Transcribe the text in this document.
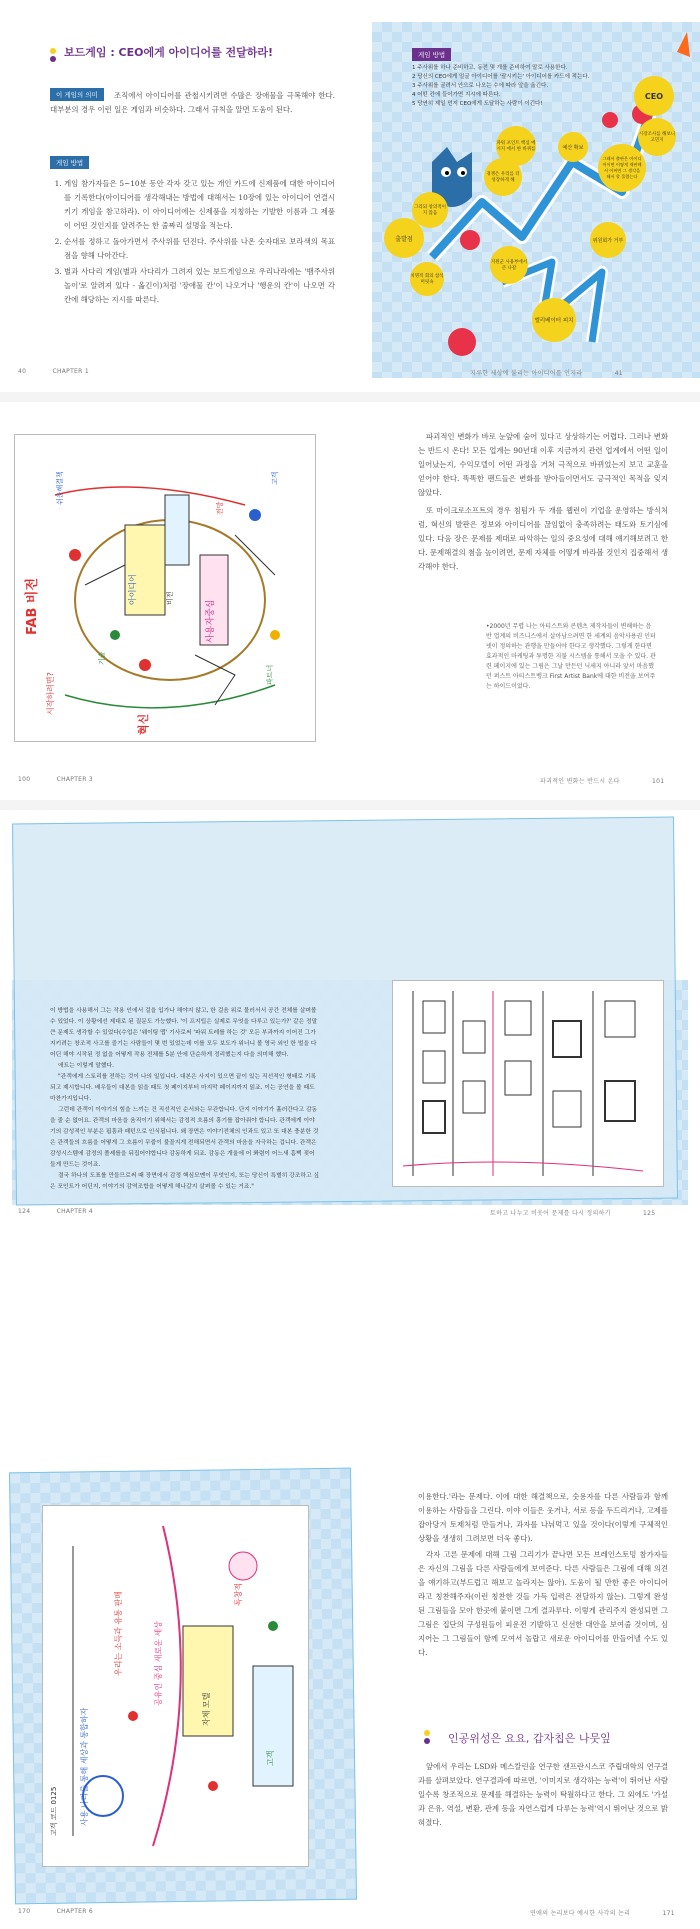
보드게임 : CEO에게 아이디어를 전달하라!
이 게임의 의미	조직에서 아이디어를 관철시키려면 수많은 장애물을 극복해야 한다. 대부분의 경우 이런 일은 게임과 비슷하다. 그래서 규칙을 알면 도움이 된다.
게임 방법
1. 게임 참가자들은 5~10분 동안 각자 갖고 있는 개인 카드에 신제품에 대한 아이디어를 기록한다(아이디어를 생각해내는 방법에 대해서는 10장에 있는 아이디어 연결시키기 게임을 참고하라). 이 아이디어에는 신제품을 지칭하는 기발한 이름과 그 제품이 어떤 것인지를 알려주는 한 줄짜리 설명을 적는다.
2. 순서를 정하고 돌아가면서 주사위를 던진다. 주사위를 나온 숫자대로 보라색의 목표점을 향해 나아간다.
3. 별과 사다리 게임(별과 사다리가 그려져 있는 보드게임으로 우리나라에는 '뱀주사위놀이'로 알려져 있다 - 옮긴이)처럼 '장애물 칸'이 나오거나 '행운의 칸'이 나오면 각 칸에 해당하는 지시를 따른다.
40	CHAPTER 1
게임 방법
1 주사위를 하나 준비하고, 동전 몇 개를 준비하여 말로 사용한다.
2 당신의 CEO에게 얼굴 아이디어를 '괄시키는' 아이디어를 카드에 적는다.
3 주사위를 굴려서 안으로 나오는 수에 따라 앞을 옮긴다.
4 어떤 칸에 들어가면 지시에 따른다.
5 당연히 제일 먼저 CEO에게 도달하는 사람이 이긴다!
출발점
CEO
엘리베이터 피치
위원회가 거부
치명적 회의 참석 머릿속
그래서 출판은 아이디어이면 어떻게 재판해서 어쩌면 그 생각을 해서 할 물렸는다
지원군 사용부에서 큰 나갈
그리되 창의적이지 않음
시장조사를 해보니 고민지
파워 포인트 핵심 메시지 에서 한 바퀴를
경쟁은 우리를 더 성장하게 해
예산 확보
지루한 세상에 불리는 아이디어를 인지라	41
FAB 비전
시작하려면?
쉬운해결책
파트너
전망
고객
사용자중심
혁신
비전
아이디어
기술

파괴적인 변화가 바로 눈앞에 숨어 있다고 상상하기는 어렵다. 그러나 변화는 반드시 온다! 모든 업계는 90년대 이후 지금까지 관련 업계에서 어떤 일이 일어났는지, 수익모델이 어떤 과정을 거쳐 극적으로 바뀌었는지 보고 교훈을 얻어야 한다. 똑똑한 팬드들은 변화를 받아들이면서도 긍극적인 목적을 잊지 않았다.

또 마이크로소프트의 경우 침팀가 두 개를 웹런이 기업을 운영하는 방식처럼, 혁신의 발판은 정보와 아이디어를 끊임없이 충족하려는 태도와 토기심에 있다. 다음 장은 문제를 제대로 파악하는 일의 중요성에 대해 얘기해보려고 한다. 문제해결의 첨을 높이려면, 문제 자체를 어떻게 바라볼 것인지 집중해서 생각해야 한다.

•2000년 무렵 나는 아티스트와 콘텐츠 제작자들이 변해하는 음반 업계의 비즈니스에서 살아남으려면 한 세계의 음악사용권 인터넷이 정의하는 관행을 만들어야 한다고 생각했다. 그렇게 한다면 효과적인 마케팅과 투명한 지불 시스템을 통해서 모을 수 있다. 관련 페이지에 있는 그림은 그날 만든던 닉세지 아니라 앞서 마음했던 퍼스트 아티스트뱅크 First Artist Bank에 대한 비전을 보여주는 하이드이었다.
100	CHAPTER 3	파괴적인 변화는 반드시 온다	101

이 방법을 사용해서 그는 작용 인에서 걸을 입가나 해야지 않고, 한 걸음 위로 물러서서 공간 전체를 살펴볼 수 있었다. 이 상황에선 제대로 된 질문도 가능했다. '이 프지팁은 실제로 무엇을 다루고 있는가?' 같은 정말 큰 문제도 생각할 수 있었다(수업은 '웨이팅 맵' 기사로써 '파워 트레를 하는 것' 모든 부과까지 이어진 그가 지키려는 창조적 사고를 즐기는 사람들이 몇 번 있었는데 이를 모두 보도가 위너니 볼 영국 외인 한 벌을 다 어딘 해야 시작된 정 없을 어떻게 작용 전체를 5분 안에 단순하게 정리했는지 다을 의미해 했다.

애트는 이렇게 말했다.

"관객에게 스토리를 전하는 것이 나의 일입니다. 대본은 사지이 있으면 끝이 있는 직선적인 형태로 기록되고 제시합니다. 배우들이 대본을 읽을 때도 첫 페이지부터 마지막 페이지까지 읽죠. 이는 공연을 볼 때도 마찬가지입니다.

그런데 관객이 이야기의 힘을 느끼는 건 직선적인 순서와는 무관합니다. 단지 이야기가 흘러간다고 감동을 줄 순 없어요. 관객의 마음을 움직이기 위해서는 감정적 흐름의 흥기를 잡아줘야 합니다. 관객에게 이야기의 감성적인 부분은 핍흥과 패턴으로 인식됩니다. 왜 장면은 이야기전체의 인과도 있고 또 대본 충분한 것은 관객들의 흐름을 어떻게 그 흐름이 무줍이 불꼴지게 전해되면서 관객의 마음을 자극하는 겁니다. 관객은 감성시스템에 감정의 폴셰를을 뒤집어야합니다 감동하게 되죠. 감동은 개울에 어 쫘렴이 어느새 흠뻑 젖어들게 만드는 것이죠.

결국 하나의 도표를 만들므로써 때 장면에서 감정 핵심모멘이 무엇인지, 또는 당신이 특별히 강조하고 싶은 포인트가 어딘지, 이야기의 감역조합을 어떻게 해나갈지 살펴볼 수 있는 거죠."

124	CHAPTER 4	토하고 나누고 비웃어 문제를 다시 정의하기	125
고객 코드 0125	사용 나라를 통해 세상과 통합하자
우리는 소득과 유통 판매	공유인 중심 새로운 세상
자체 모델
고객
독창적

이용한다.'라는 문제다. 이에 대한 해결책으로, 숫용자를 다른 사람들과 함께 이용하는 사람들을 그린다. 이야 이들은 웃거나, 서로 등을 두드리거나, 고제를 잡아당겨 토제처럼 만들거나, 과자를 나눠먹고 있을 것이다(이렇게 구체적인 상황을 생생히 그려보면 더욱 좋다).

각자 고른 문제에 대해 그림 그리기가 끝나면 모든 브레인스토밍 참가자들은 자신의 그림을 다른 사람들에게 보여준다. 다른 사람들은 그림에 대해 의견을 얘기하고(부드럽고 해보고 놀라지는 않아). 도움이 될 만한 좋은 아이디어라고 칭찬해주자(이런 칭찬한 것들 가득 입력은 전달하지 않는). 그렇게 완성된 그림들을 모아 한곳에 붙이면 그게 결과루다. 이렇게 관리주지 완성되면 그 그림은 집단의 구성원들이 피운전 기발하고 신선한 대안을 보여줄 것이며, 심지어는 그 그림들이 함께 모여서 놀랍고 새로운 아이디어를 만들어낼 수도 있다.

인공위성은 요요, 갑자칩은 나뭇잎

앞에서 우리는 LSD와 메스칼린을 연구한 샌프란시스코 주립대학의 연구결과를 살펴보았다. 연구결과에 따르면, '이미지로 생각하는 능력'이 뛰어난 사람일수록 창조적으로 문제를 해결하는 능력이 탁월하다고 한다. 그 외에도 '가설과 은유, 역설, 변환, 관계 등을 자연스럽게 다루는 능력'역시 뛰어난 것으로 밝혀졌다.

170	CHAPTER 6	연애의 논리보다 예시한 사각의 논리	171
